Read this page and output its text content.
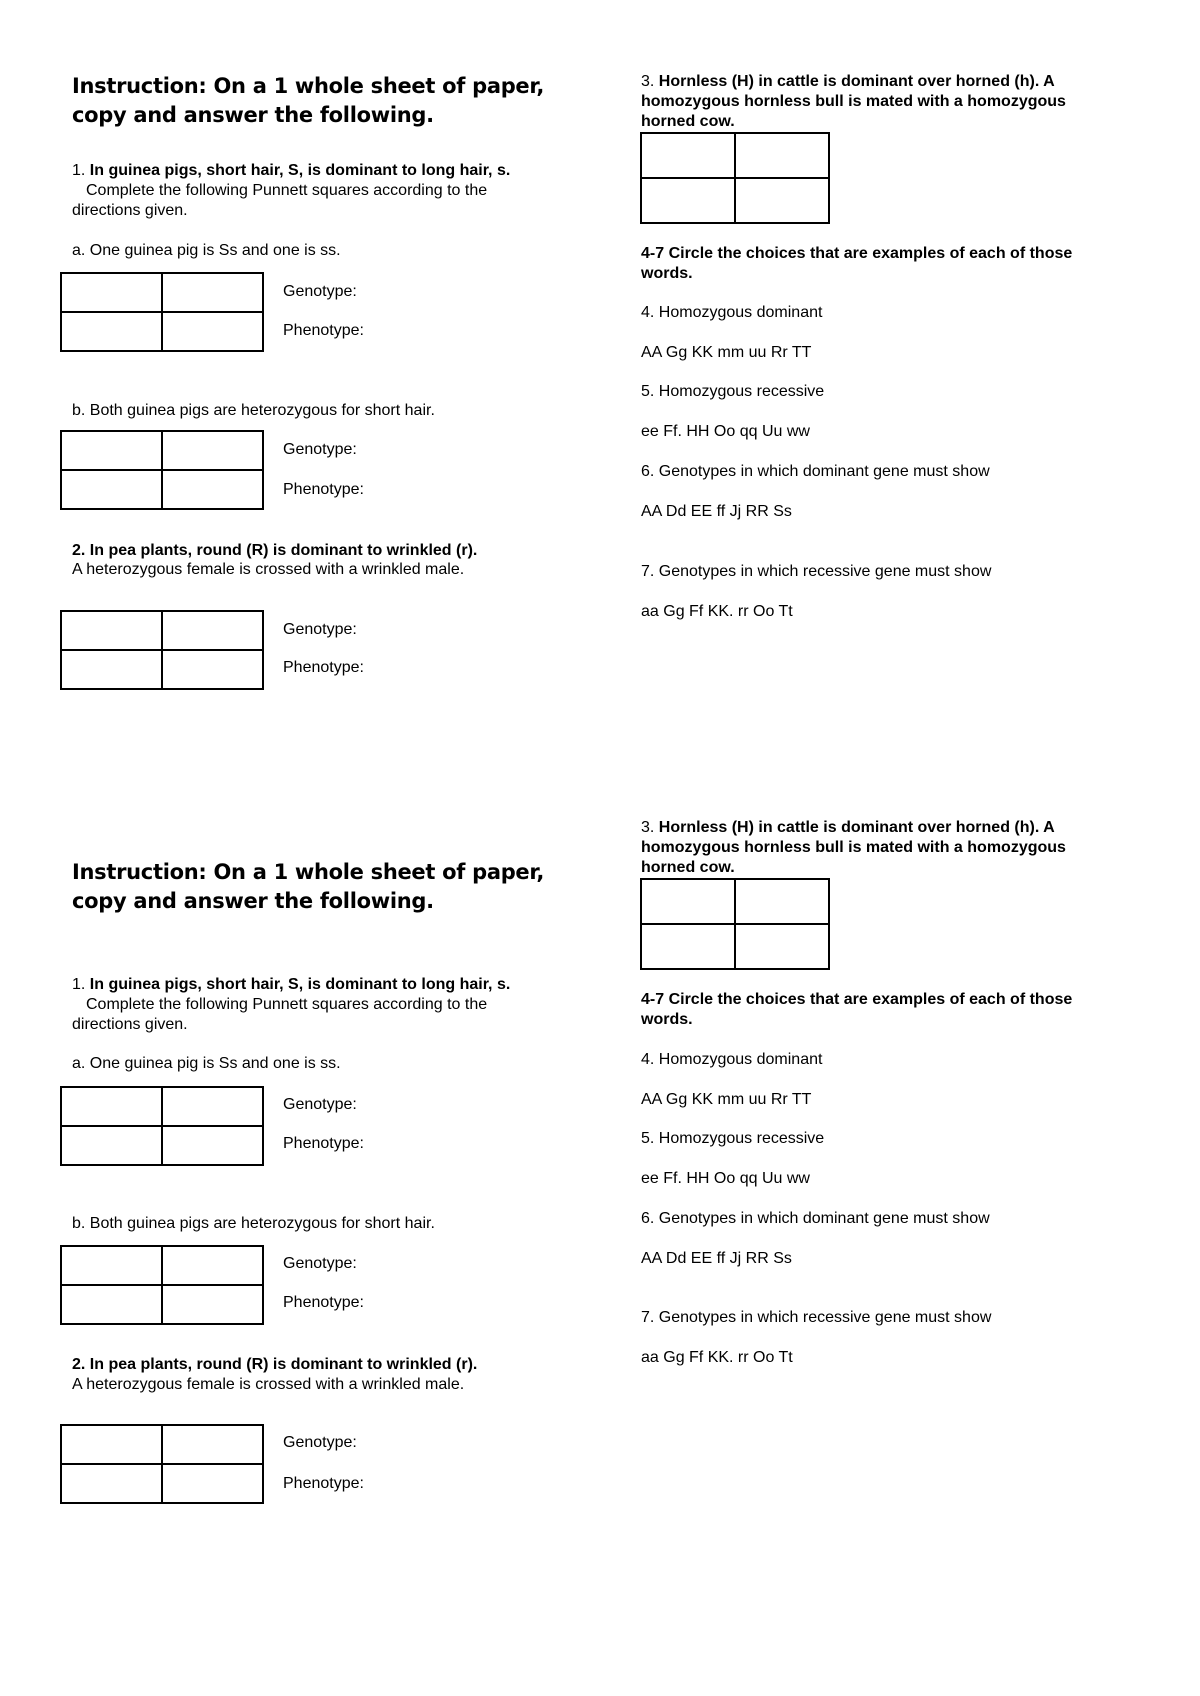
Instruction: On a 1 whole sheet of paper, copy and answer the following.
1. In guinea pigs, short hair, S, is dominant to long hair, s.
Complete the following Punnett squares according to the
directions given.
a. One guinea pig is Ss and one is ss.
Genotype:
Phenotype:
b. Both guinea pigs are heterozygous for short hair.
Genotype:
Phenotype:
2. In pea plants, round (R) is dominant to wrinkled (r).
A heterozygous female is crossed with a wrinkled male.
Genotype:
Phenotype:
3. Hornless (H) in cattle is dominant over horned (h). A
homozygous hornless bull is mated with a homozygous
horned cow.
4-7 Circle the choices that are examples of each of those
words.
4. Homozygous dominant
AA Gg KK mm uu Rr TT
5. Homozygous recessive
ee Ff. HH Oo qq Uu ww
6. Genotypes in which dominant gene must show
AA Dd EE ff Jj RR Ss
7. Genotypes in which recessive gene must show
aa Gg Ff KK. rr Oo Tt
Instruction: On a 1 whole sheet of paper, copy and answer the following.
1. In guinea pigs, short hair, S, is dominant to long hair, s.
Complete the following Punnett squares according to the
directions given.
a. One guinea pig is Ss and one is ss.
Genotype:
Phenotype:
b. Both guinea pigs are heterozygous for short hair.
Genotype:
Phenotype:
2. In pea plants, round (R) is dominant to wrinkled (r).
A heterozygous female is crossed with a wrinkled male.
Genotype:
Phenotype:
3. Hornless (H) in cattle is dominant over horned (h). A
homozygous hornless bull is mated with a homozygous
horned cow.
4-7 Circle the choices that are examples of each of those
words.
4. Homozygous dominant
AA Gg KK mm uu Rr TT
5. Homozygous recessive
ee Ff. HH Oo qq Uu ww
6. Genotypes in which dominant gene must show
AA Dd EE ff Jj RR Ss
7. Genotypes in which recessive gene must show
aa Gg Ff KK. rr Oo Tt
